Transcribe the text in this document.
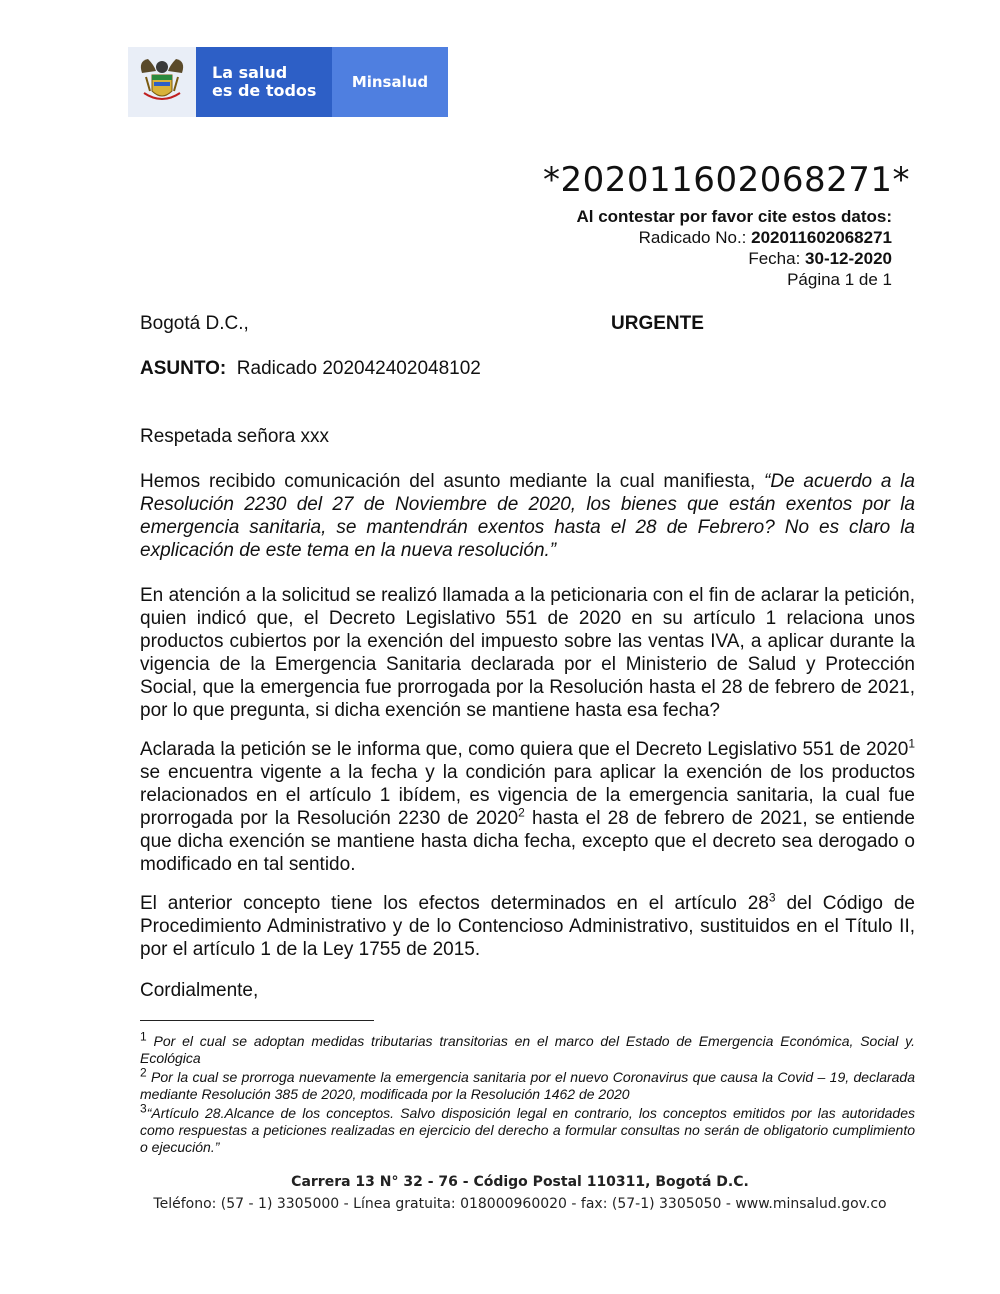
La salud
es de todos	Minsalud
*202011602068271*
Al contestar por favor cite estos datos:
Radicado No.: 202011602068271
Fecha: 30-12-2020
Página 1 de 1
Bogotá D.C.,	URGENTE
ASUNTO: Radicado 202042402048102
Respetada señora xxx
Hemos recibido comunicación del asunto mediante la cual manifiesta, “De acuerdo a la Resolución 2230 del 27 de Noviembre de 2020, los bienes que están exentos por la emergencia sanitaria, se mantendrán exentos hasta el 28 de Febrero? No es claro la explicación de este tema en la nueva resolución.”
En atención a la solicitud se realizó llamada a la peticionaria con el fin de aclarar la petición, quien indicó que, el Decreto Legislativo 551 de 2020 en su artículo 1 relaciona unos productos cubiertos por la exención del impuesto sobre las ventas IVA, a aplicar durante la vigencia de la Emergencia Sanitaria declarada por el Ministerio de Salud y Protección Social, que la emergencia fue prorrogada por la Resolución hasta el 28 de febrero de 2021, por lo que pregunta, si dicha exención se mantiene hasta esa fecha?
Aclarada la petición se le informa que, como quiera que el Decreto Legislativo 551 de 2020$^1$ se encuentra vigente a la fecha y la condición para aplicar la exención de los productos relacionados en el artículo 1 ibídem, es vigencia de la emergencia sanitaria, la cual fue prorrogada por la Resolución 2230 de 2020$^2$ hasta el 28 de febrero de 2021, se entiende que dicha exención se mantiene hasta dicha fecha, excepto que el decreto sea derogado o modificado en tal sentido.
El anterior concepto tiene los efectos determinados en el artículo $28^3$ del Código de Procedimiento Administrativo y de lo Contencioso Administrativo, sustituidos en el Título II, por el artículo 1 de la Ley 1755 de 2015.
Cordialmente,

$^1$ Por el cual se adoptan medidas tributarias transitorias en el marco del Estado de Emergencia Económica, Social y. Ecológica

$^2$ Por la cual se prorroga nuevamente la emergencia sanitaria por el nuevo Coronavirus que causa la Covid – 19, declarada mediante Resolución 385 de 2020, modificada por la Resolución 1462 de 2020

$^3$“Artículo 28.Alcance de los conceptos. Salvo disposición legal en contrario, los conceptos emitidos por las autoridades como respuestas a peticiones realizadas en ejercicio del derecho a formular consultas no serán de obligatorio cumplimiento o ejecución.”

Carrera 13 N° 32 - 76 - Código Postal 110311, Bogotá D.C.
Teléfono: (57 - 1) 3305000 - Línea gratuita: 018000960020 - fax: (57-1) 3305050 - www.minsalud.gov.co
